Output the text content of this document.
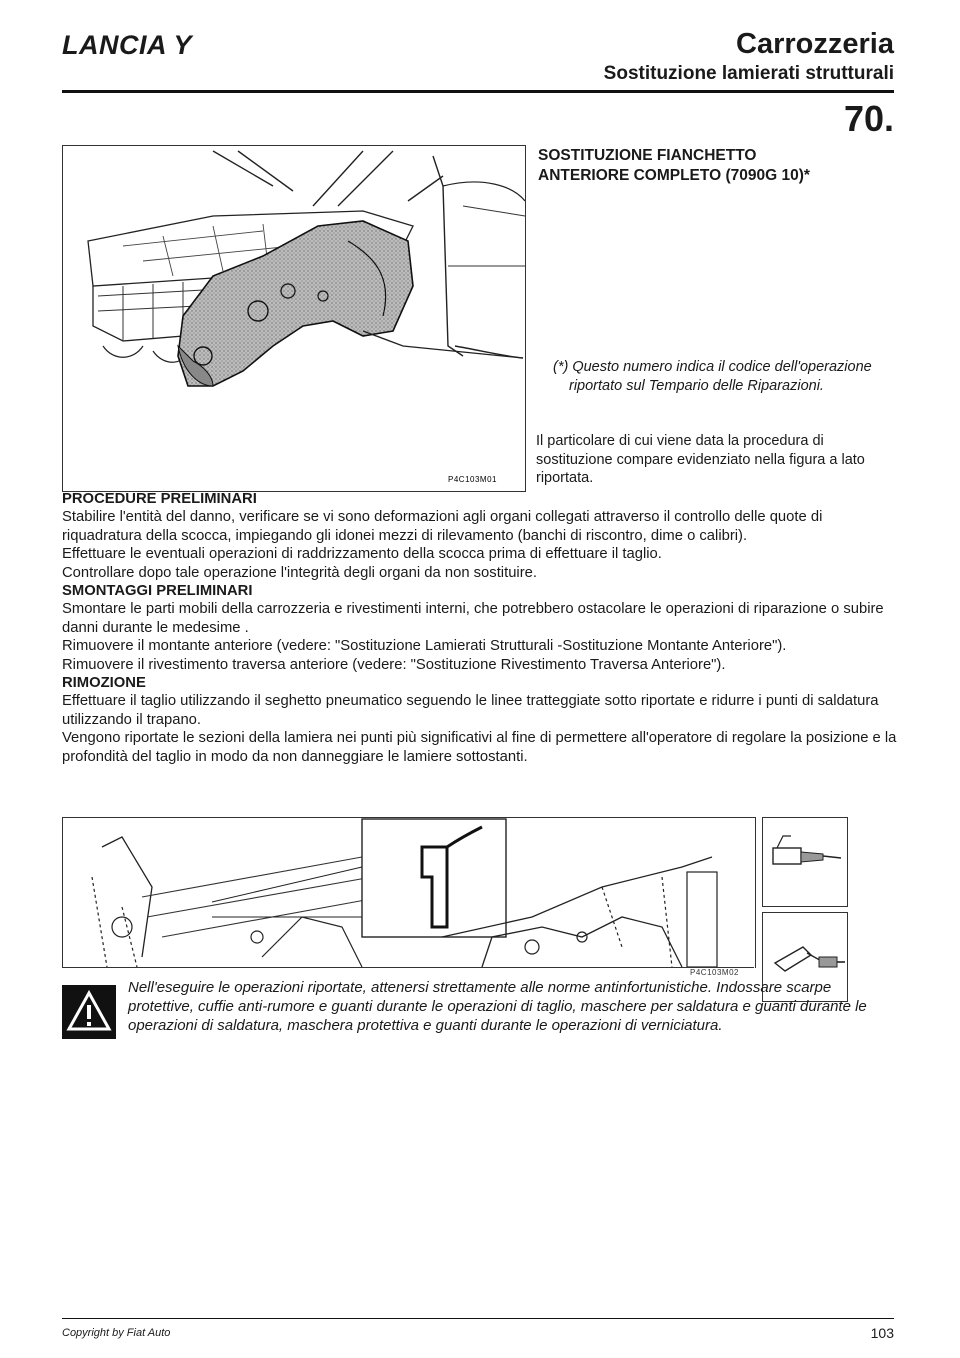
LANCIA Y	Carrozzeria
Sostituzione lamierati strutturali
70.
P4C103M01
SOSTITUZIONE FIANCHETTO
ANTERIORE COMPLETO (7090G 10)*
(*) Questo numero indica il codice dell'operazione riportato sul Tempario delle Riparazioni.
Il particolare di cui viene data la procedura di sostituzione compare evidenziato nella figura a lato riportata.
PROCEDURE PRELIMINARI

Stabilire l'entità del danno, verificare se vi sono deformazioni agli organi collegati attraverso il controllo delle quote di riquadratura della scocca, impiegando gli idonei mezzi di rilevamento (banchi di riscontro, dime o calibri).

Effettuare le eventuali operazioni di raddrizzamento della scocca prima di effettuare il taglio.

Controllare dopo tale operazione l'integrità degli organi da non sostituire.

SMONTAGGI PRELIMINARI

Smontare le parti mobili della carrozzeria e rivestimenti interni, che potrebbero ostacolare le operazioni di riparazione o subire danni durante le medesime .

Rimuovere il montante anteriore (vedere: "Sostituzione Lamierati Strutturali -Sostituzione Montante Anteriore").

Rimuovere il rivestimento traversa anteriore (vedere: "Sostituzione Rivestimento Traversa Anteriore").

RIMOZIONE

Effettuare il taglio utilizzando il seghetto pneumatico seguendo le linee tratteggiate sotto riportate e ridurre i punti di saldatura utilizzando il trapano.

Vengono riportate le sezioni della lamiera nei punti più significativi al fine di permettere all'operatore di regolare la posizione e la profondità del taglio in modo da non danneggiare le lamiere sottostanti.

P4C103M02
Nell'eseguire le operazioni riportate, attenersi strettamente alle norme antinfortunistiche. Indossare scarpe protettive, cuffie anti-rumore e guanti durante le operazioni di taglio, maschere per saldatura e guanti durante le operazioni di saldatura, maschera protettiva e guanti durante le operazioni di verniciatura.
Copyright by Fiat Auto	103
